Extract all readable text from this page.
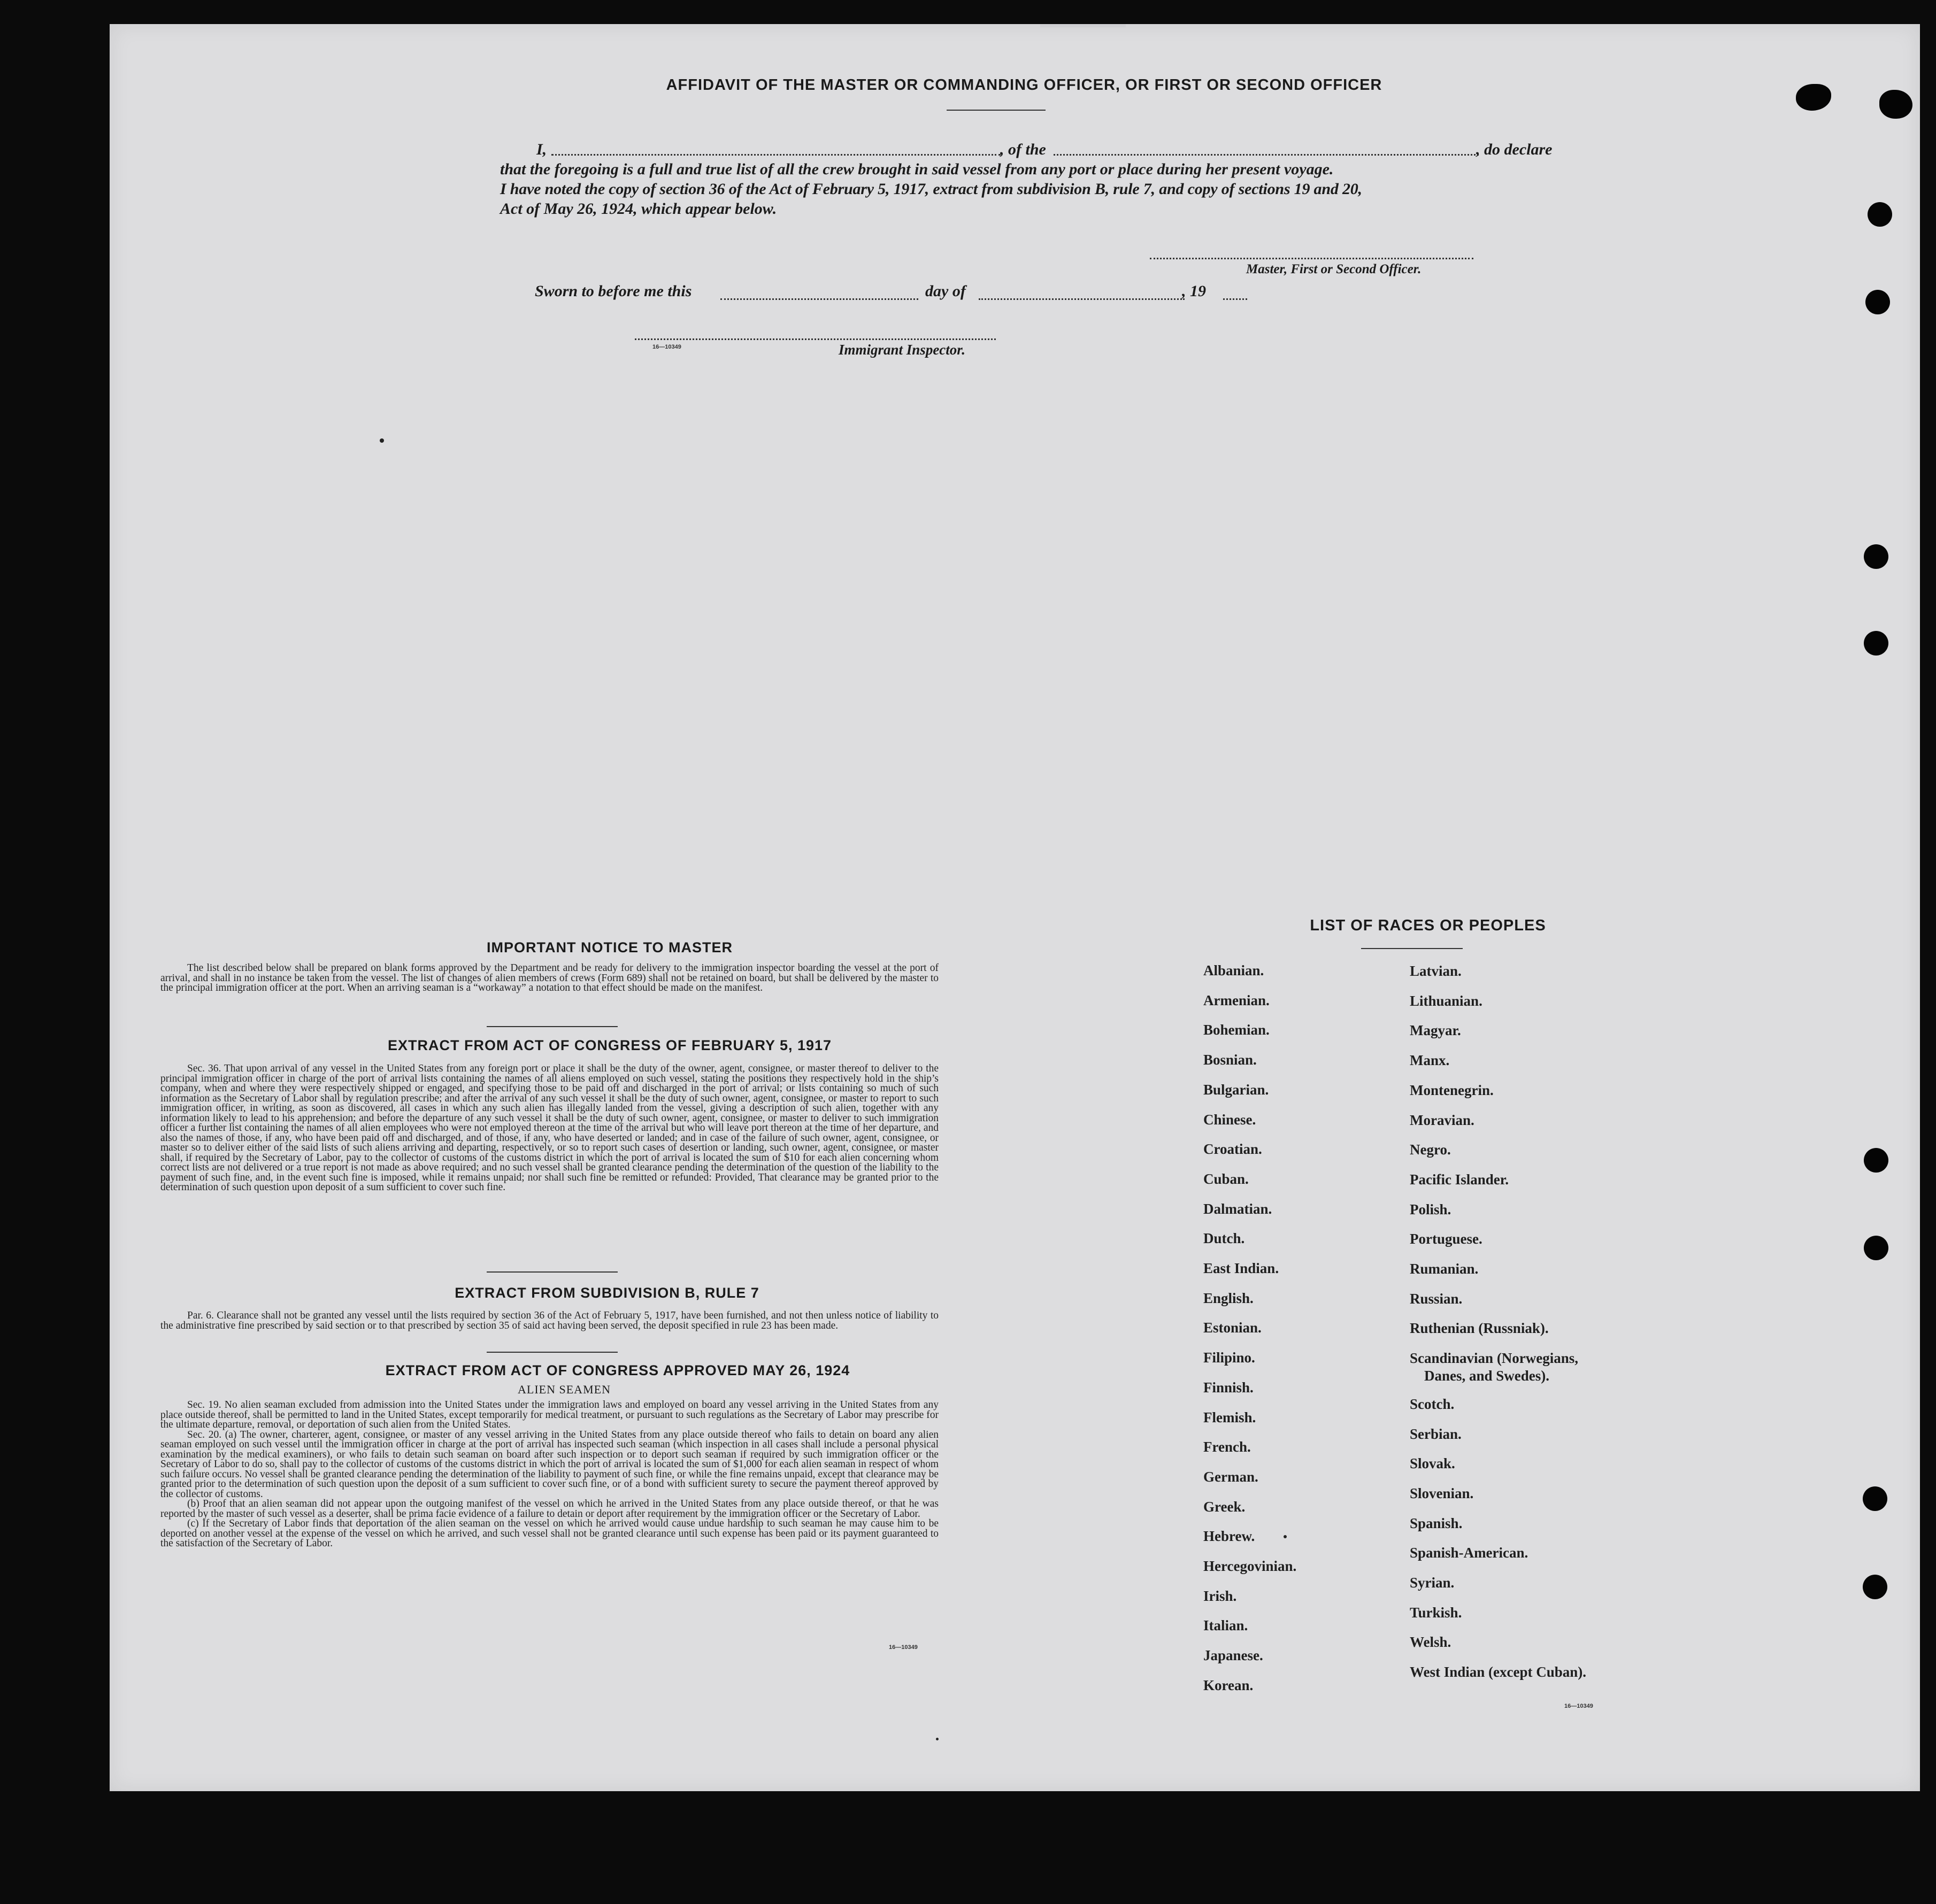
AFFIDAVIT OF THE MASTER OR COMMANDING OFFICER, OR FIRST OR SECOND OFFICER
I,	, of the	, do declare
that the foregoing is a full and true list of all the crew brought in said vessel from any port or place during her present voyage.
I have noted the copy of section 36 of the Act of February 5, 1917, extract from subdivision B, rule 7, and copy of sections 19 and 20,
Act of May 26, 1924, which appear below.
Master, First or Second Officer.
Sworn to before me this	day of	, 19
16—10349	Immigrant Inspector.
IMPORTANT NOTICE TO MASTER

The list described below shall be prepared on blank forms approved by the Department and be ready for delivery to the immigration inspector boarding the vessel at the port of arrival, and shall in no instance be taken from the vessel. The list of changes of alien members of crews (Form 689) shall not be retained on board, but shall be delivered by the master to the principal immigration officer at the port. When an arriving seaman is a “workaway” a notation to that effect should be made on the manifest.

EXTRACT FROM ACT OF CONGRESS OF FEBRUARY 5, 1917

Sec. 36. That upon arrival of any vessel in the United States from any foreign port or place it shall be the duty of the owner, agent, consignee, or master thereof to deliver to the principal immigration officer in charge of the port of arrival lists containing the names of all aliens employed on such vessel, stating the positions they respectively hold in the ship’s company, when and where they were respectively shipped or engaged, and specifying those to be paid off and discharged in the port of arrival; or lists containing so much of such information as the Secretary of Labor shall by regulation prescribe; and after the arrival of any such vessel it shall be the duty of such owner, agent, consignee, or master to report to such immigration officer, in writing, as soon as discovered, all cases in which any such alien has illegally landed from the vessel, giving a description of such alien, together with any information likely to lead to his apprehension; and before the departure of any such vessel it shall be the duty of such owner, agent, consignee, or master to deliver to such immigration officer a further list containing the names of all alien employees who were not employed thereon at the time of the arrival but who will leave port thereon at the time of her departure, and also the names of those, if any, who have been paid off and discharged, and of those, if any, who have deserted or landed; and in case of the failure of such owner, agent, consignee, or master so to deliver either of the said lists of such aliens arriving and departing, respectively, or so to report such cases of desertion or landing, such owner, agent, consignee, or master shall, if required by the Secretary of Labor, pay to the collector of customs of the customs district in which the port of arrival is located the sum of $10 for each alien concerning whom correct lists are not delivered or a true report is not made as above required; and no such vessel shall be granted clearance pending the determination of the question of the liability to the payment of such fine, and, in the event such fine is imposed, while it remains unpaid; nor shall such fine be remitted or refunded: Provided, That clearance may be granted prior to the determination of such question upon deposit of a sum sufficient to cover such fine.

EXTRACT FROM SUBDIVISION B, RULE 7

Par. 6. Clearance shall not be granted any vessel until the lists required by section 36 of the Act of February 5, 1917, have been furnished, and not then unless notice of liability to the administrative fine prescribed by said section or to that prescribed by section 35 of said act having been served, the deposit specified in rule 23 has been made.

EXTRACT FROM ACT OF CONGRESS APPROVED MAY 26, 1924
ALIEN SEAMEN

Sec. 19. No alien seaman excluded from admission into the United States under the immigration laws and employed on board any vessel arriving in the United States from any place outside thereof, shall be permitted to land in the United States, except temporarily for medical treatment, or pursuant to such regulations as the Secretary of Labor may prescribe for the ultimate departure, removal, or deportation of such alien from the United States.

Sec. 20. (a) The owner, charterer, agent, consignee, or master of any vessel arriving in the United States from any place outside thereof who fails to detain on board any alien seaman employed on such vessel until the immigration officer in charge at the port of arrival has inspected such seaman (which inspection in all cases shall include a personal physical examination by the medical examiners), or who fails to detain such seaman on board after such inspection or to deport such seaman if required by such immigration officer or the Secretary of Labor to do so, shall pay to the collector of customs of the customs district in which the port of arrival is located the sum of $1,000 for each alien seaman in respect of whom such failure occurs. No vessel shall be granted clearance pending the determination of the liability to payment of such fine, or while the fine remains unpaid, except that clearance may be granted prior to the determination of such question upon the deposit of a sum sufficient to cover such fine, or of a bond with sufficient surety to secure the payment thereof approved by the collector of customs.

(b) Proof that an alien seaman did not appear upon the outgoing manifest of the vessel on which he arrived in the United States from any place outside thereof, or that he was reported by the master of such vessel as a deserter, shall be prima facie evidence of a failure to detain or deport after requirement by the immigration officer or the Secretary of Labor.

(c) If the Secretary of Labor finds that deportation of the alien seaman on the vessel on which he arrived would cause undue hardship to such seaman he may cause him to be deported on another vessel at the expense of the vessel on which he arrived, and such vessel shall not be granted clearance until such expense has been paid or its payment guaranteed to the satisfaction of the Secretary of Labor.

16—10349
LIST OF RACES OR PEOPLES
Albanian.
Armenian.
Bohemian.
Bosnian.
Bulgarian.
Chinese.
Croatian.
Cuban.
Dalmatian.
Dutch.
East Indian.
English.
Estonian.
Filipino.
Finnish.
Flemish.
French.
German.
Greek.
Hebrew.
Hercegovinian.
Irish.
Italian.
Japanese.
Korean.
Latvian.
Lithuanian.
Magyar.
Manx.
Montenegrin.
Moravian.
Negro.
Pacific Islander.
Polish.
Portuguese.
Rumanian.
Russian.
Ruthenian (Russniak).
Scandinavian (Norwegians,
Danes, and Swedes).
Scotch.
Serbian.
Slovak.
Slovenian.
Spanish.
Spanish-American.
Syrian.
Turkish.
Welsh.
West Indian (except Cuban).
16—10349
